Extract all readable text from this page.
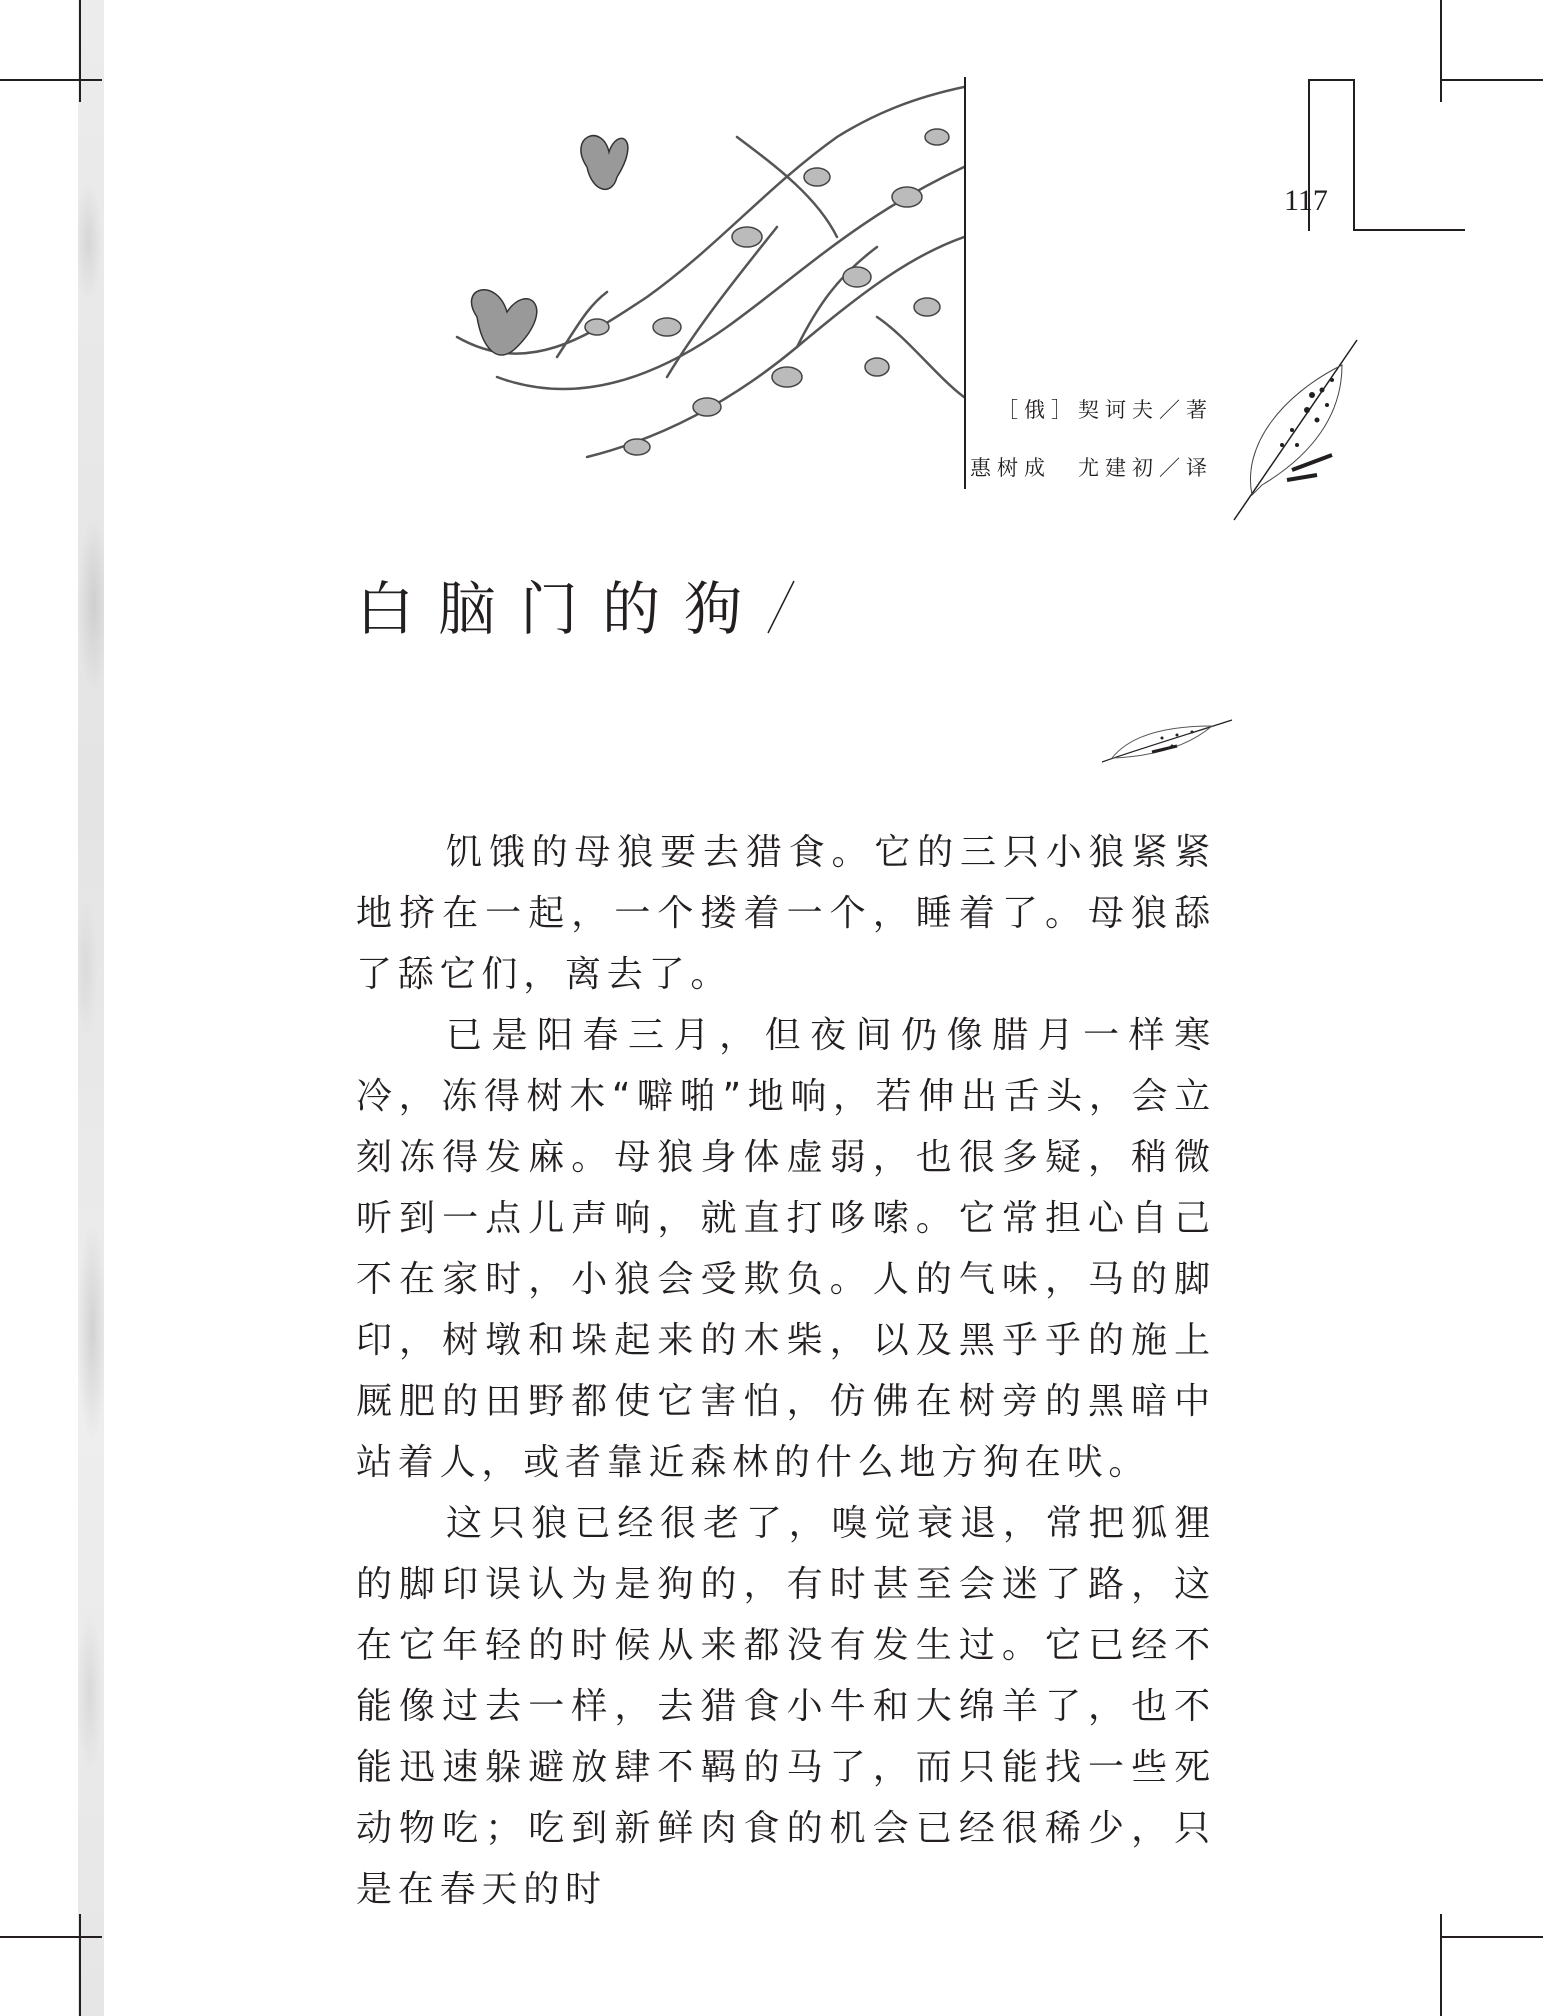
117
［俄］契诃夫／著
惠树成　尤建初／译
白脑门的狗

饥饿的母狼要去猎食。它的三只小狼紧紧地挤在一起，一个搂着一个，睡着了。母狼舔了舔它们，离去了。

已是阳春三月，但夜间仍像腊月一样寒冷，冻得树木“噼啪”地响，若伸出舌头，会立刻冻得发麻。母狼身体虚弱，也很多疑，稍微听到一点儿声响，就直打哆嗦。它常担心自己不在家时，小狼会受欺负。人的气味，马的脚印，树墩和垛起来的木柴，以及黑乎乎的施上厩肥的田野都使它害怕，仿佛在树旁的黑暗中站着人，或者靠近森林的什么地方狗在吠。

这只狼已经很老了，嗅觉衰退，常把狐狸的脚印误认为是狗的，有时甚至会迷了路，这在它年轻的时候从来都没有发生过。它已经不能像过去一样，去猎食小牛和大绵羊了，也不能迅速躲避放肆不羁的马了，而只能找一些死动物吃；吃到新鲜肉食的机会已经很稀少，只是在春天的时
